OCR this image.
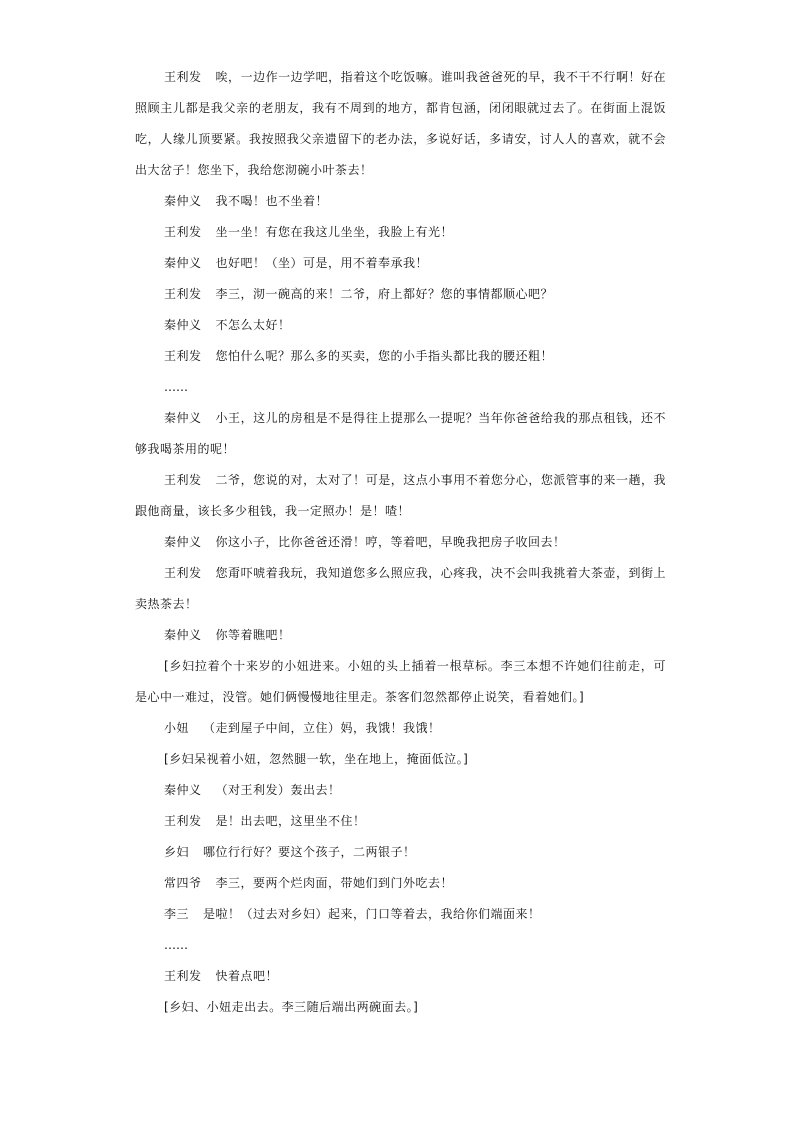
王利发 唉，一边作一边学吧，指着这个吃饭嘛。谁叫我爸爸死的早，我不干不行啊！好在照顾主儿都是我父亲的老朋友，我有不周到的地方，都肯包涵，闭闭眼就过去了。在街面上混饭吃，人缘儿顶要紧。我按照我父亲遗留下的老办法，多说好话，多请安，讨人人的喜欢，就不会出大岔子！您坐下，我给您沏碗小叶茶去！

秦仲义 我不喝！也不坐着！

王利发 坐一坐！有您在我这儿坐坐，我脸上有光！

秦仲义 也好吧！（坐）可是，用不着奉承我！

王利发 李三，沏一碗高的来！二爷，府上都好？您的事情都顺心吧？

秦仲义 不怎么太好！

王利发 您怕什么呢？那么多的买卖，您的小手指头都比我的腰还粗！

……

秦仲义 小王，这儿的房租是不是得往上提那么一提呢？当年你爸爸给我的那点租钱，还不够我喝茶用的呢！

王利发 二爷，您说的对，太对了！可是，这点小事用不着您分心，您派管事的来一趟，我跟他商量，该长多少租钱，我一定照办！是！喳！

秦仲义 你这小子，比你爸爸还滑！哼，等着吧，早晚我把房子收回去！

王利发 您甭吓唬着我玩，我知道您多么照应我，心疼我，决不会叫我挑着大茶壶，到街上卖热茶去！

秦仲义 你等着瞧吧！

[乡妇拉着个十来岁的小妞进来。小妞的头上插着一根草标。李三本想不许她们往前走，可是心中一难过，没管。她们俩慢慢地往里走。茶客们忽然都停止说笑，看着她们。]

小妞 （走到屋子中间，立住）妈，我饿！我饿！

[乡妇呆视着小妞，忽然腿一软，坐在地上，掩面低泣。]

秦仲义 （对王利发）轰出去！

王利发 是！出去吧，这里坐不住！

乡妇 哪位行行好？要这个孩子，二两银子！

常四爷 李三，要两个烂肉面，带她们到门外吃去！

李三 是啦！（过去对乡妇）起来，门口等着去，我给你们端面来！

……

王利发 快着点吧！

[乡妇、小妞走出去。李三随后端出两碗面去。]
